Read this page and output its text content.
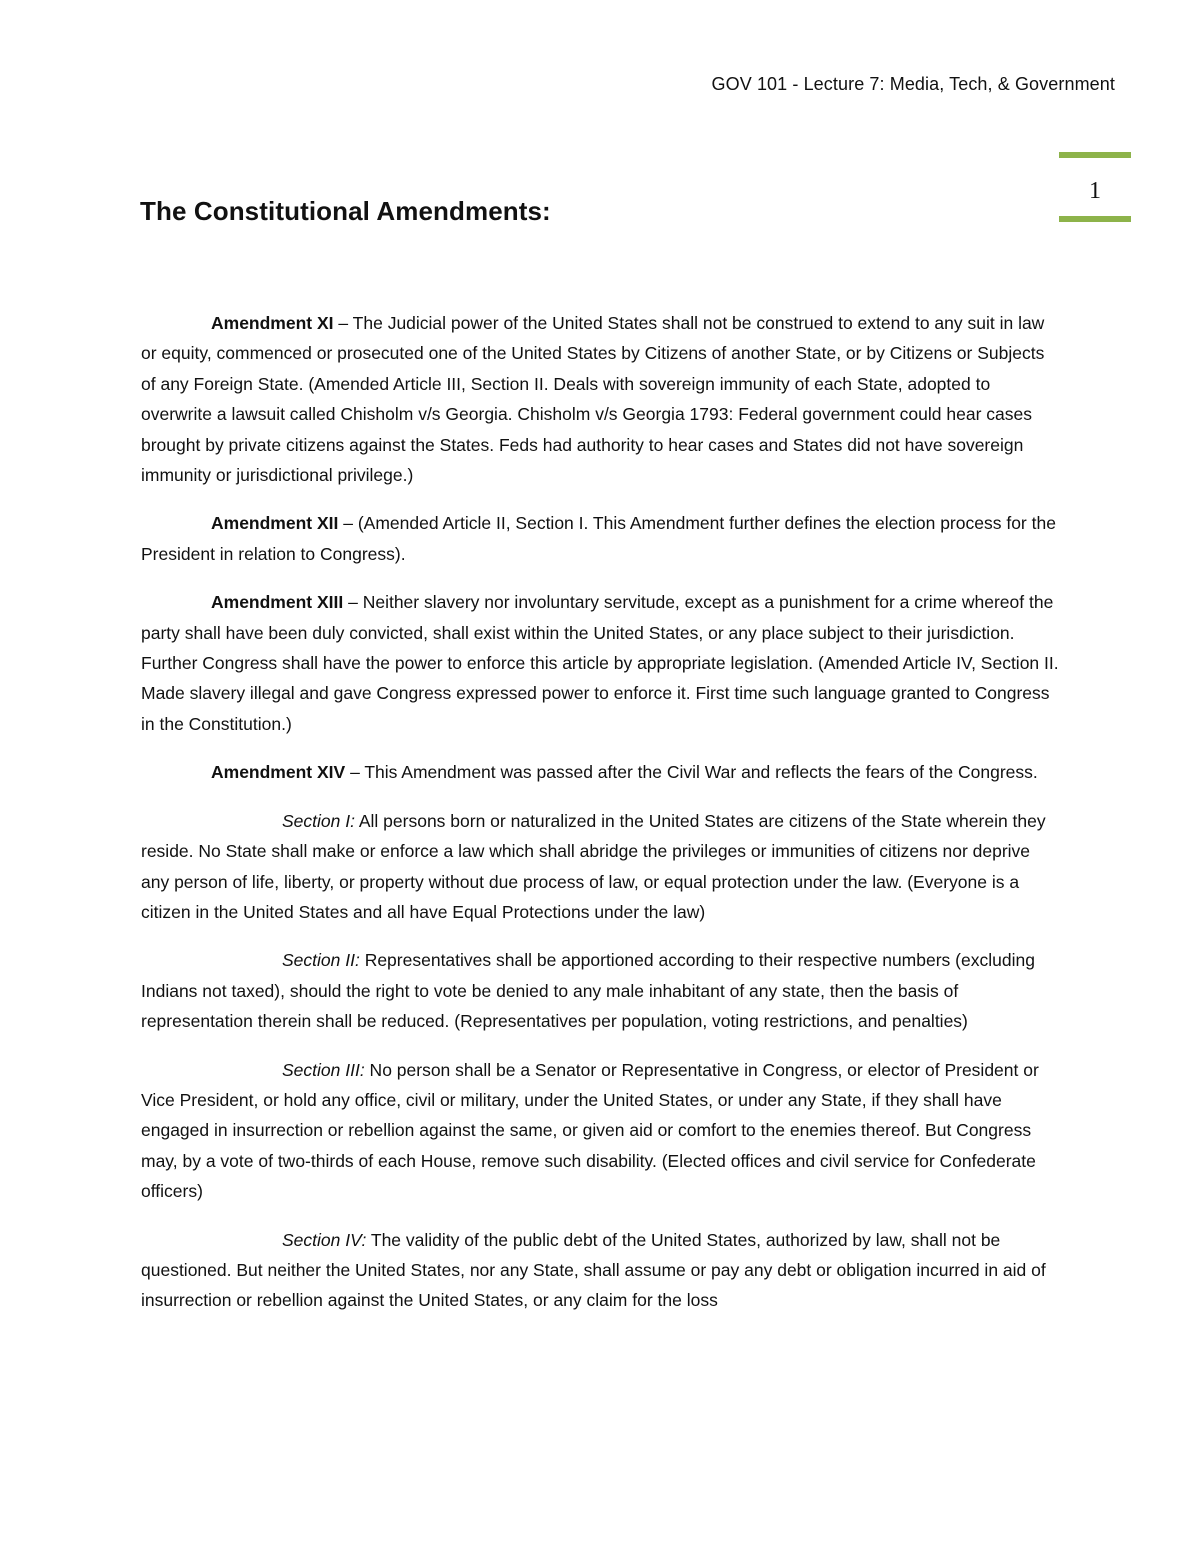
GOV 101 - Lecture 7: Media, Tech, & Government
1
The Constitutional Amendments:

Amendment XI – The Judicial power of the United States shall not be construed to extend to any suit in law or equity, commenced or prosecuted one of the United States by Citizens of another State, or by Citizens or Subjects of any Foreign State. (Amended Article III, Section II. Deals with sovereign immunity of each State, adopted to overwrite a lawsuit called Chisholm v/s Georgia. Chisholm v/s Georgia 1793: Federal government could hear cases brought by private citizens against the States. Feds had authority to hear cases and States did not have sovereign immunity or jurisdictional privilege.)

Amendment XII – (Amended Article II, Section I. This Amendment further defines the election process for the President in relation to Congress).

Amendment XIII – Neither slavery nor involuntary servitude, except as a punishment for a crime whereof the party shall have been duly convicted, shall exist within the United States, or any place subject to their jurisdiction. Further Congress shall have the power to enforce this article by appropriate legislation. (Amended Article IV, Section II. Made slavery illegal and gave Congress expressed power to enforce it. First time such language granted to Congress in the Constitution.)

Amendment XIV – This Amendment was passed after the Civil War and reflects the fears of the Congress.

Section I: All persons born or naturalized in the United States are citizens of the State wherein they reside. No State shall make or enforce a law which shall abridge the privileges or immunities of citizens nor deprive any person of life, liberty, or property without due process of law, or equal protection under the law. (Everyone is a citizen in the United States and all have Equal Protections under the law)

Section II: Representatives shall be apportioned according to their respective numbers (excluding Indians not taxed), should the right to vote be denied to any male inhabitant of any state, then the basis of representation therein shall be reduced. (Representatives per population, voting restrictions, and penalties)

Section III: No person shall be a Senator or Representative in Congress, or elector of President or Vice President, or hold any office, civil or military, under the United States, or under any State, if they shall have engaged in insurrection or rebellion against the same, or given aid or comfort to the enemies thereof. But Congress may, by a vote of two-thirds of each House, remove such disability. (Elected offices and civil service for Confederate officers)

Section IV: The validity of the public debt of the United States, authorized by law, shall not be questioned. But neither the United States, nor any State, shall assume or pay any debt or obligation incurred in aid of insurrection or rebellion against the United States, or any claim for the loss
